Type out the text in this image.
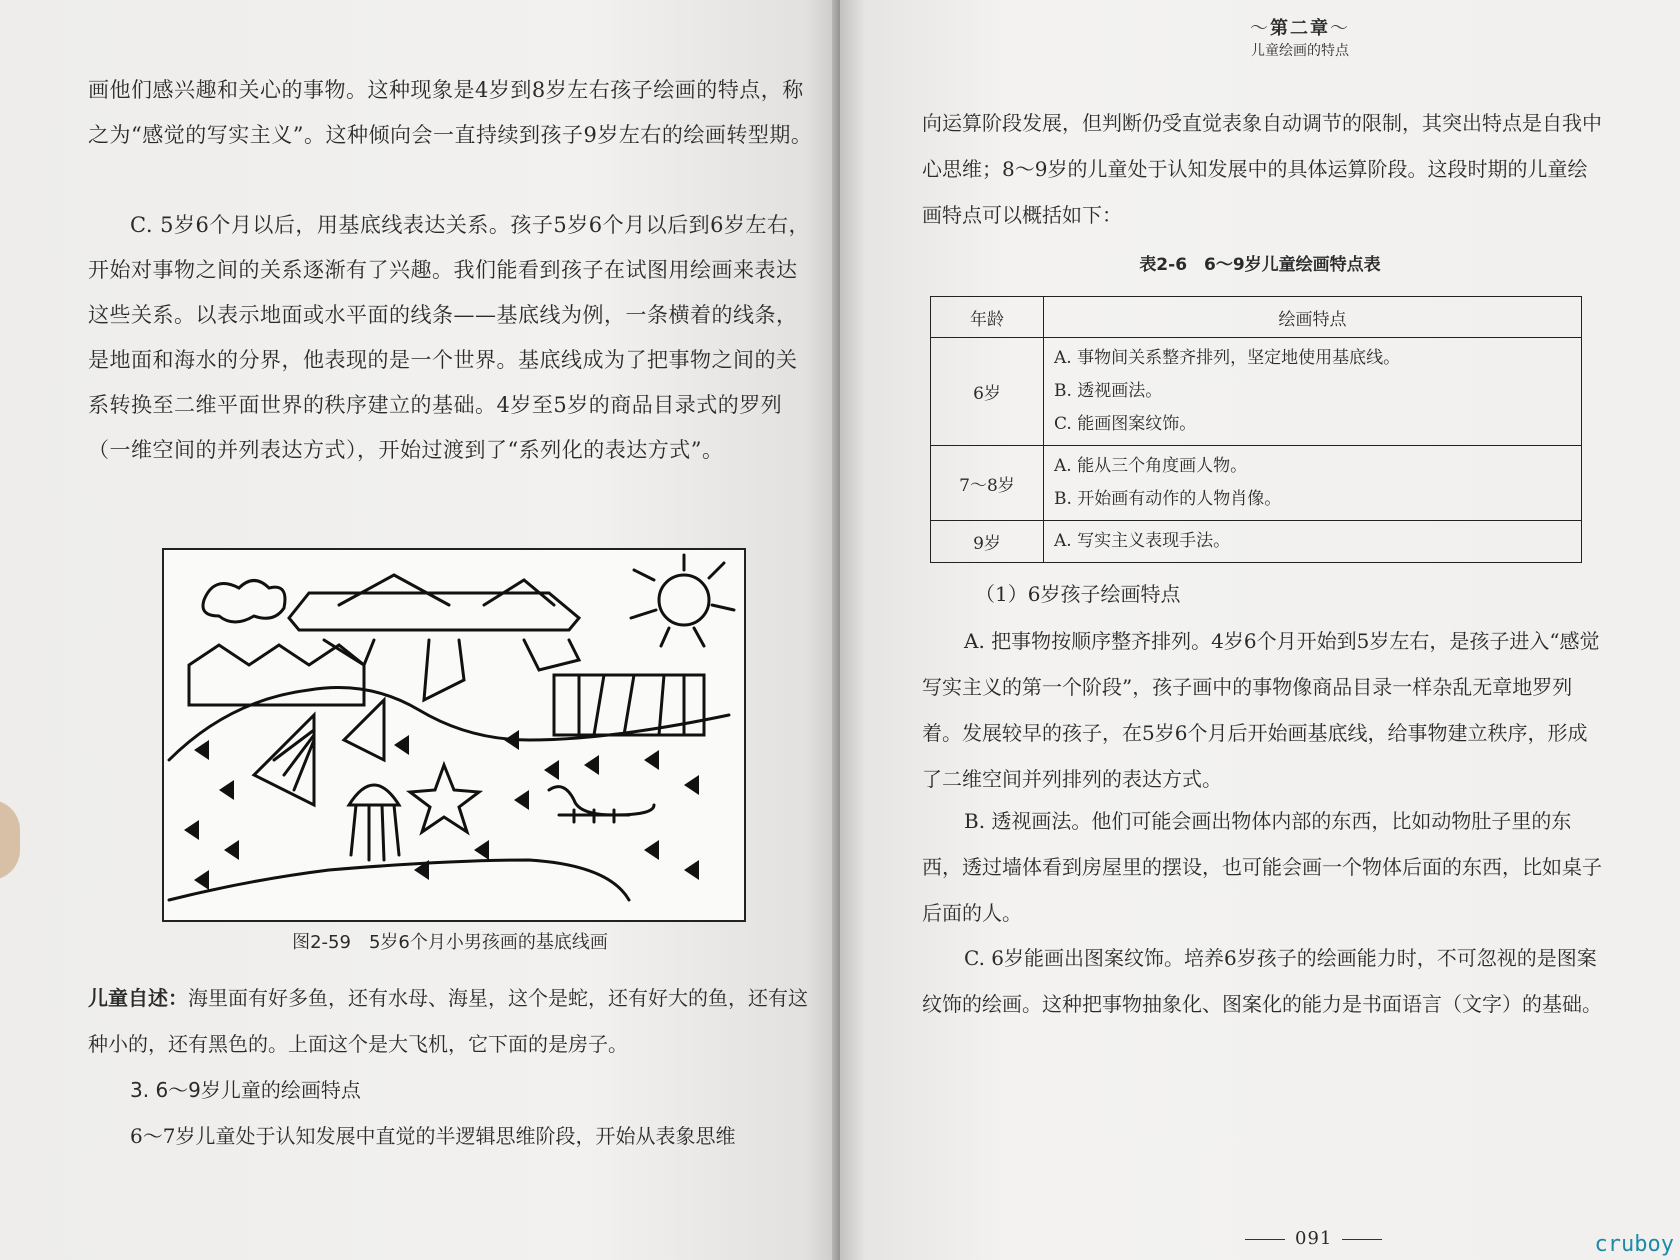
画他们感兴趣和关心的事物。这种现象是4岁到8岁左右孩子绘画的特点，称之为“感觉的写实主义”。这种倾向会一直持续到孩子9岁左右的绘画转型期。

C. 5岁6个月以后，用基底线表达关系。孩子5岁6个月以后到6岁左右，开始对事物之间的关系逐渐有了兴趣。我们能看到孩子在试图用绘画来表达这些关系。以表示地面或水平面的线条——基底线为例，一条横着的线条，是地面和海水的分界，他表现的是一个世界。基底线成为了把事物之间的关系转换至二维平面世界的秩序建立的基础。4岁至5岁的商品目录式的罗列（一维空间的并列表达方式），开始过渡到了“系列化的表达方式”。

图2-59　5岁6个月小男孩画的基底线画

儿童自述：海里面有好多鱼，还有水母、海星，这个是蛇，还有好大的鱼，还有这种小的，还有黑色的。上面这个是大飞机，它下面的是房子。

3. 6～9岁儿童的绘画特点

6～7岁儿童处于认知发展中直觉的半逻辑思维阶段，开始从表象思维

〜第二章〜
儿童绘画的特点

向运算阶段发展，但判断仍受直觉表象自动调节的限制，其突出特点是自我中心思维；8～9岁的儿童处于认知发展中的具体运算阶段。这段时期的儿童绘画特点可以概括如下：

表2-6　6～9岁儿童绘画特点表
年龄	绘画特点
6岁	A. 事物间关系整齐排列，坚定地使用基底线。
B. 透视画法。
C. 能画图案纹饰。

7～8岁	A. 能从三个角度画人物。
B. 开始画有动作的人物肖像。

9岁	A. 写实主义表现手法。
（1）6岁孩子绘画特点

A. 把事物按顺序整齐排列。4岁6个月开始到5岁左右，是孩子进入“感觉写实主义的第一个阶段”，孩子画中的事物像商品目录一样杂乱无章地罗列着。发展较早的孩子，在5岁6个月后开始画基底线，给事物建立秩序，形成了二维空间并列排列的表达方式。

B. 透视画法。他们可能会画出物体内部的东西，比如动物肚子里的东西，透过墙体看到房屋里的摆设，也可能会画一个物体后面的东西，比如桌子后面的人。

C. 6岁能画出图案纹饰。培养6岁孩子的绘画能力时，不可忽视的是图案纹饰的绘画。这种把事物抽象化、图案化的能力是书面语言（文字）的基础。

091	cruboy
